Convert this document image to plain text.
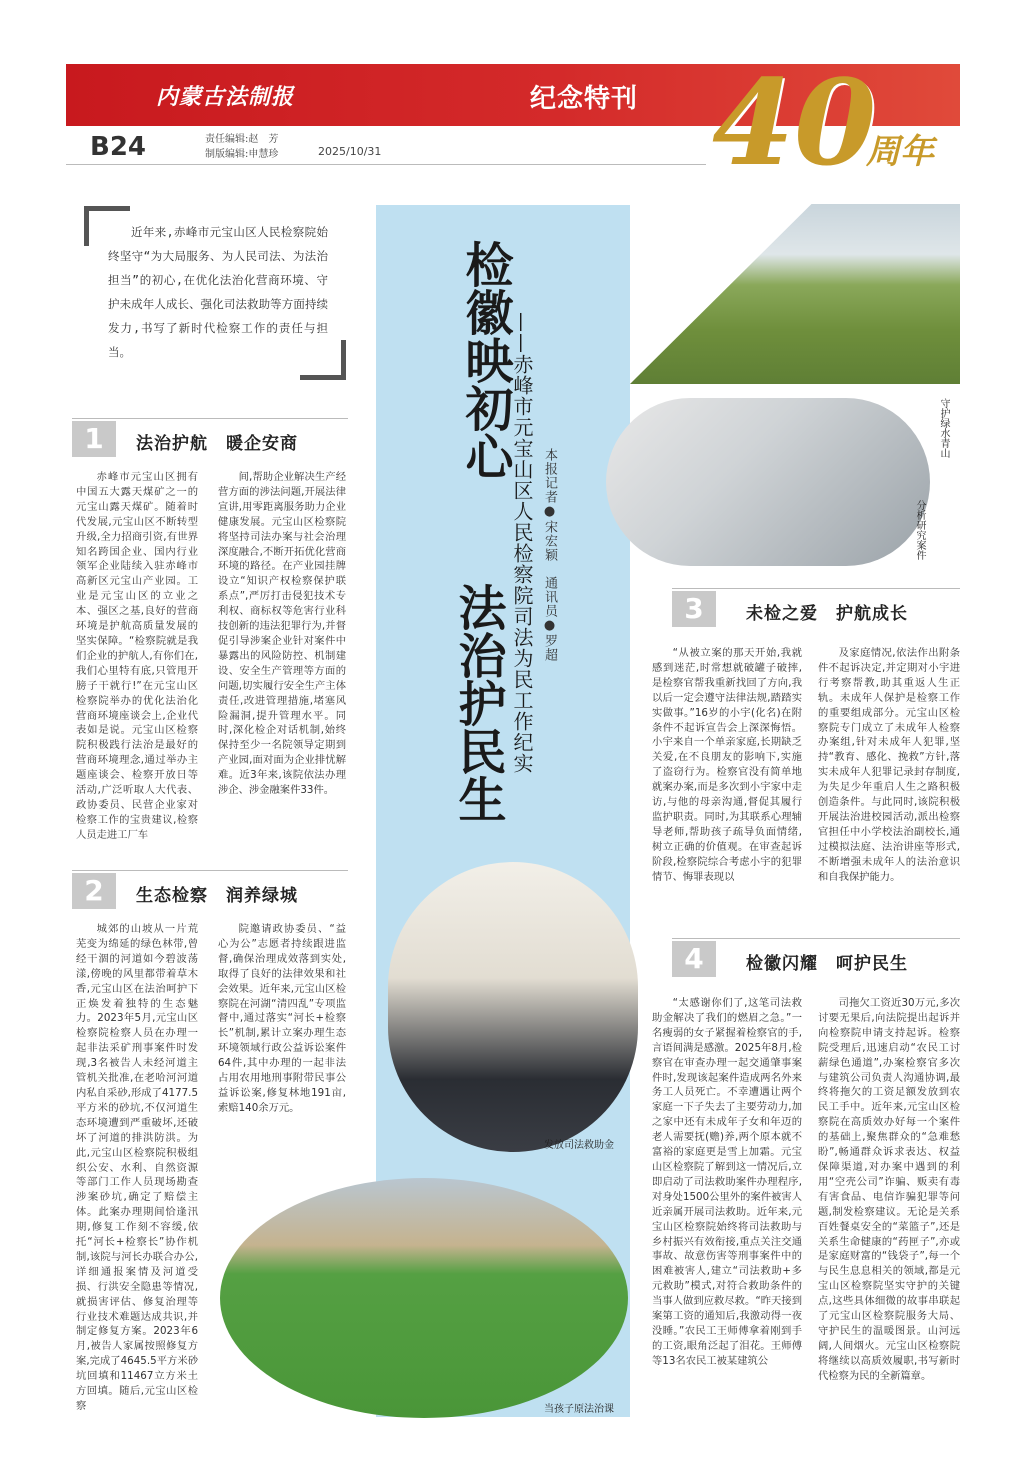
内蒙古法制报	纪念特刊 40
周年
B24	责任编辑:赵　芳
制版编辑:申慧珍	2025/10/31
近年来,赤峰市元宝山区人民检察院始终坚守“为大局服务、为人民司法、为法治担当”的初心,在优化法治化营商环境、守护未成年人成长、强化司法救助等方面持续发力,书写了新时代检察工作的责任与担当。	检徽映初心
法治护民生 ——赤峰市元宝山区人民检察院司法为民工作纪实 本报记者●宋宏颖　通讯员●罗超
守护绿水青山
分析研究案件
发放司法救助金
当孩子原法治课
1	法治护航　暖企安商

赤峰市元宝山区拥有中国五大露天煤矿之一的元宝山露天煤矿。随着时代发展,元宝山区不断转型升级,全力招商引资,有世界知名跨国企业、国内行业领军企业陆续入驻赤峰市高新区元宝山产业园。工业是元宝山区的立业之本、强区之基,良好的营商环境是护航高质量发展的坚实保障。“检察院就是我们企业的护航人,有你们在,我们心里特有底,只管甩开膀子干就行!”在元宝山区检察院举办的优化法治化营商环境座谈会上,企业代表如是说。元宝山区检察院积极践行法治是最好的营商环境理念,通过举办主题座谈会、检察开放日等活动,广泛听取人大代表、政协委员、民营企业家对检察工作的宝贵建议,检察人员走进工厂车

间,帮助企业解决生产经营方面的涉法问题,开展法律宣讲,用零距离服务助力企业健康发展。元宝山区检察院将坚持司法办案与社会治理深度融合,不断开拓优化营商环境的路径。在产业园挂牌设立“知识产权检察保护联系点”,严厉打击侵犯技术专利权、商标权等危害行业科技创新的违法犯罪行为,并督促引导涉案企业针对案件中暴露出的风险防控、机制建设、安全生产管理等方面的问题,切实履行安全生产主体责任,改进管理措施,堵塞风险漏洞,提升管理水平。同时,深化检企对话机制,始终保持至少一名院领导定期到产业园,面对面为企业排忧解难。近3年来,该院依法办理涉企、涉金融案件33件。

2	生态检察　润养绿城

城郊的山坡从一片荒芜变为绵延的绿色林带,曾经干涸的河道如今碧波荡漾,傍晚的风里都带着草木香,元宝山区在法治呵护下正焕发着独特的生态魅力。2023年5月,元宝山区检察院检察人员在办理一起非法采矿刑事案件时发现,3名被告人未经河道主管机关批准,在老哈河河道内私自采砂,形成了4177.5平方米的砂坑,不仅河道生态环境遭到严重破坏,还破坏了河道的排洪防洪。为此,元宝山区检察院积极组织公安、水利、自然资源等部门工作人员现场勘查涉案砂坑,确定了赔偿主体。此案办理期间恰逢汛期,修复工作刻不容缓,依托“河长+检察长”协作机制,该院与河长办联合办公,详细通报案情及河道受损、行洪安全隐患等情况,就损害评估、修复治理等行业技术难题达成共识,并制定修复方案。2023年6月,被告人家属按照修复方案,完成了4645.5平方米砂坑回填和11467立方米土方回填。随后,元宝山区检察

院邀请政协委员、“益心为公”志愿者持续跟进监督,确保治理成效落到实处,取得了良好的法律效果和社会效果。近年来,元宝山区检察院在河湖“清四乱”专项监督中,通过落实“河长+检察长”机制,累计立案办理生态环境领域行政公益诉讼案件64件,其中办理的一起非法占用农用地刑事附带民事公益诉讼案,修复林地191亩,索赔140余万元。

3	未检之爱　护航成长

“从被立案的那天开始,我就感到迷茫,时常想就破罐子破摔,是检察官帮我重新找回了方向,我以后一定会遵守法律法规,踏踏实实做事。”16岁的小宇(化名)在附条件不起诉宣告会上深深悔悟。小宇来自一个单亲家庭,长期缺乏关爱,在不良朋友的影响下,实施了盗窃行为。检察官没有简单地就案办案,而是多次到小宇家中走访,与他的母亲沟通,督促其履行监护职责。同时,为其联系心理辅导老师,帮助孩子疏导负面情绪,树立正确的价值观。在审查起诉阶段,检察院综合考虑小宇的犯罪情节、悔罪表现以

及家庭情况,依法作出附条件不起诉决定,并定期对小宇进行考察帮教,助其重返人生正轨。未成年人保护是检察工作的重要组成部分。元宝山区检察院专门成立了未成年人检察办案组,针对未成年人犯罪,坚持“教育、感化、挽救”方针,落实未成年人犯罪记录封存制度,为失足少年重启人生之路积极创造条件。与此同时,该院积极开展法治进校园活动,派出检察官担任中小学校法治副校长,通过模拟法庭、法治讲座等形式,不断增强未成年人的法治意识和自我保护能力。

4	检徽闪耀　呵护民生

“太感谢你们了,这笔司法救助金解决了我们的燃眉之急。”一名瘦弱的女子紧握着检察官的手,言语间满是感激。2025年8月,检察官在审查办理一起交通肇事案件时,发现该起案件造成两名外来务工人员死亡。不幸遭遇让两个家庭一下子失去了主要劳动力,加之家中还有未成年子女和年迈的老人需要抚(赡)养,两个原本就不富裕的家庭更是雪上加霜。元宝山区检察院了解到这一情况后,立即启动了司法救助案件办理程序,对身处1500公里外的案件被害人近亲属开展司法救助。近年来,元宝山区检察院始终将司法救助与乡村振兴有效衔接,重点关注交通事故、故意伤害等刑事案件中的困难被害人,建立“司法救助+多元救助”模式,对符合救助条件的当事人做到应救尽救。“昨天接到案第工资的通知后,我激动得一夜没睡。”农民工王师傅拿着刚到手的工资,眼角泛起了泪花。王师傅等13名农民工被某建筑公

司拖欠工资近30万元,多次讨要无果后,向法院提出起诉并向检察院申请支持起诉。检察院受理后,迅速启动“农民工讨薪绿色通道”,办案检察官多次与建筑公司负责人沟通协调,最终将拖欠的工资足额发放到农民工手中。近年来,元宝山区检察院在高质效办好每一个案件的基础上,聚焦群众的“急难愁盼”,畅通群众诉求表达、权益保障渠道,对办案中遇到的利用“空壳公司”诈骗、贩卖有毒有害食品、电信诈骗犯罪等问题,制发检察建议。无论是关系百姓餐桌安全的“菜篮子”,还是关系生命健康的“药匣子”,亦或是家庭财富的“钱袋子”,每一个与民生息息相关的领域,都是元宝山区检察院坚实守护的关键点,这些具体细微的故事串联起了元宝山区检察院服务大局、守护民生的温暖图景。山河远阔,人间烟火。元宝山区检察院将继续以高质效履职,书写新时代检察为民的全新篇章。
